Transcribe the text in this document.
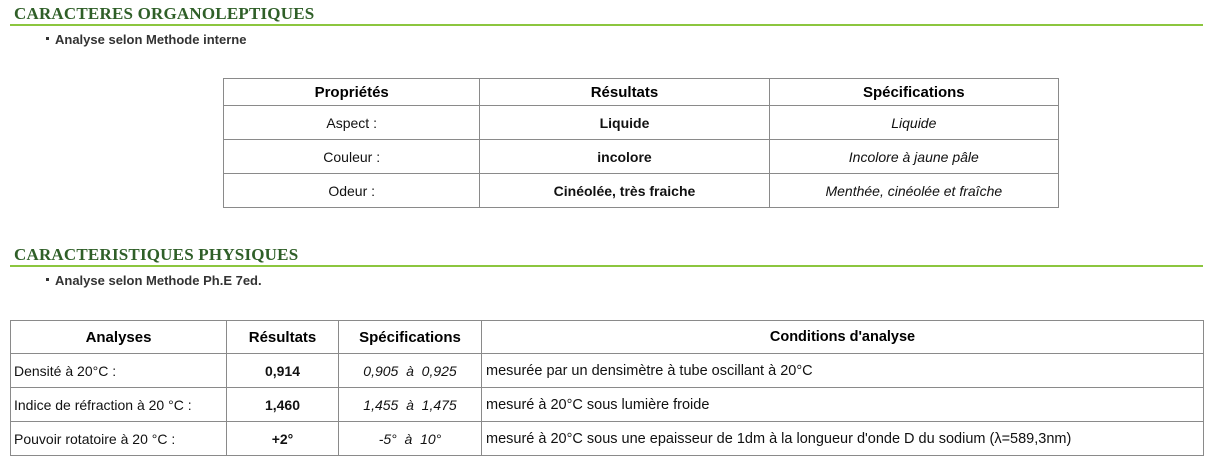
CARACTERES ORGANOLEPTIQUES
Analyse selon Methode interne
Propriétés	Résultats	Spécifications
Aspect :	Liquide	Liquide
Couleur :	incolore	Incolore à jaune pâle
Odeur :	Cinéolée, très fraiche	Menthée, cinéolée et fraîche
CARACTERISTIQUES PHYSIQUES
Analyse selon Methode Ph.E 7ed.
Analyses	Résultats	Spécifications	Conditions d'analyse
Densité à 20°C :	0,914	0,905  à  0,925	mesurée par un densimètre à tube oscillant à 20°C
Indice de réfraction à 20 °C :	1,460	1,455  à  1,475	mesuré à 20°C sous lumière froide
Pouvoir rotatoire à 20 °C :	+2°	-5°  à  10°	mesuré à 20°C sous une epaisseur de 1dm à la longueur d'onde D du sodium (λ=589,3nm)
